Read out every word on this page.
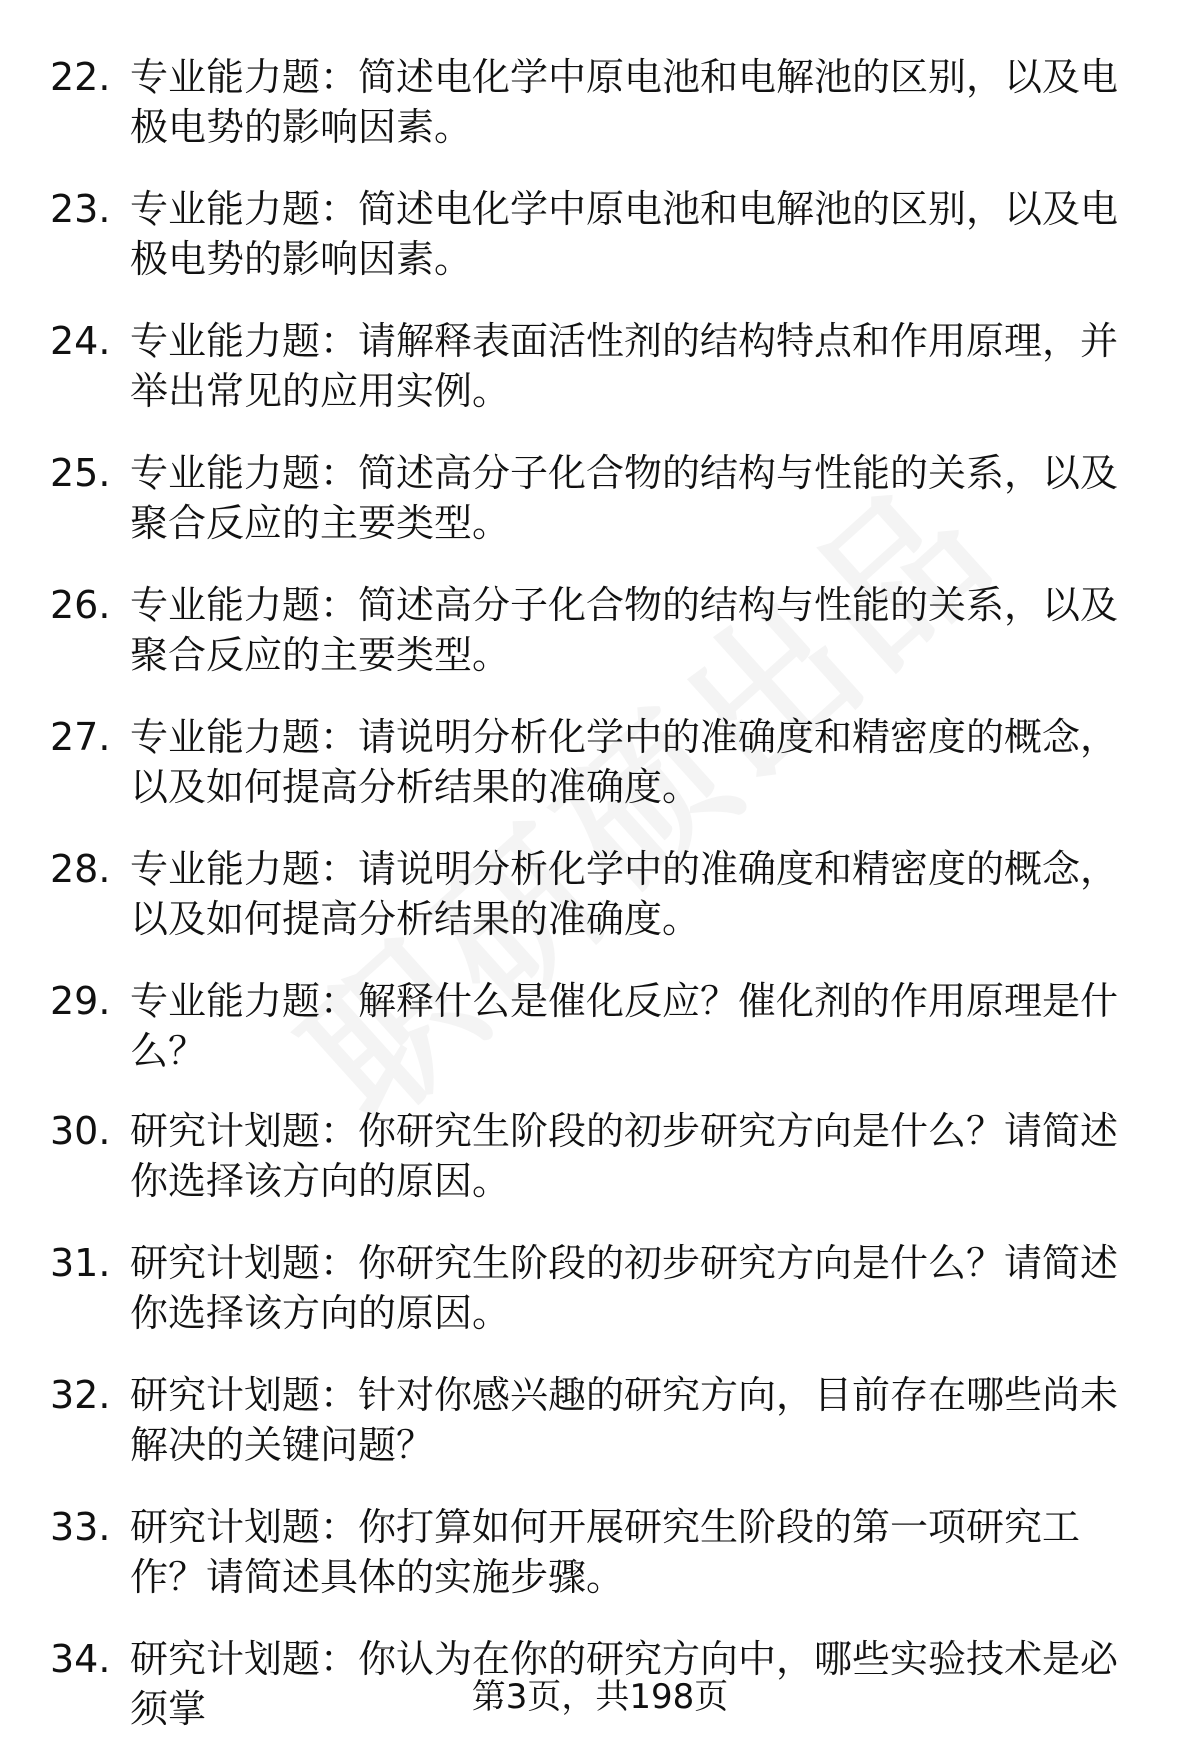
22. 专业能力题：简述电化学中原电池和电解池的区别，以及电极电势的影响因素。
23. 专业能力题：简述电化学中原电池和电解池的区别，以及电极电势的影响因素。
24. 专业能力题：请解释表面活性剂的结构特点和作用原理，并举出常见的应用实例。
25. 专业能力题：简述高分子化合物的结构与性能的关系，以及聚合反应的主要类型。
26. 专业能力题：简述高分子化合物的结构与性能的关系，以及聚合反应的主要类型。
27. 专业能力题：请说明分析化学中的准确度和精密度的概念，以及如何提高分析结果的准确度。
28. 专业能力题：请说明分析化学中的准确度和精密度的概念，以及如何提高分析结果的准确度。
29. 专业能力题：解释什么是催化反应？催化剂的作用原理是什么？
30. 研究计划题：你研究生阶段的初步研究方向是什么？请简述你选择该方向的原因。
31. 研究计划题：你研究生阶段的初步研究方向是什么？请简述你选择该方向的原因。
32. 研究计划题：针对你感兴趣的研究方向，目前存在哪些尚未解决的关键问题？
33. 研究计划题：你打算如何开展研究生阶段的第一项研究工作？请简述具体的实施步骤。
34. 研究计划题：你认为在你的研究方向中，哪些实验技术是必须掌	第3页，共198页
